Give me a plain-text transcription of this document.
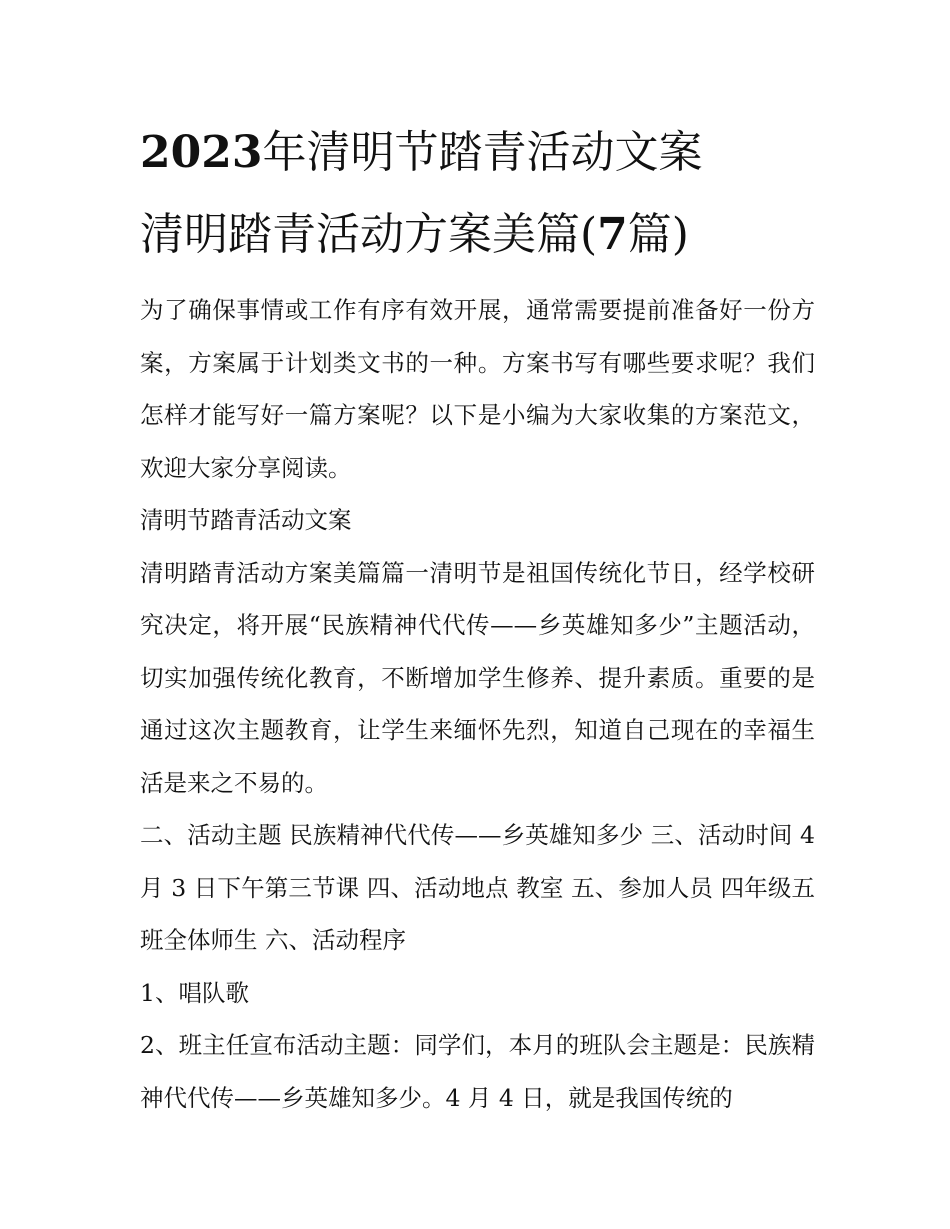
2023年清明节踏青活动文案
清明踏青活动方案美篇(7篇)

为了确保事情或工作有序有效开展，通常需要提前准备好一份方案，方案属于计划类文书的一种。方案书写有哪些要求呢？我们怎样才能写好一篇方案呢？以下是小编为大家收集的方案范文，欢迎大家分享阅读。

清明节踏青活动文案

清明踏青活动方案美篇篇一清明节是祖国传统化节日，经学校研究决定，将开展“民族精神代代传——乡英雄知多少”主题活动，切实加强传统化教育，不断增加学生修养、提升素质。重要的是通过这次主题教育，让学生来缅怀先烈，知道自己现在的幸福生活是来之不易的。

二、活动主题 民族精神代代传——乡英雄知多少 三、活动时间 4 月 3 日下午第三节课 四、活动地点 教室 五、参加人员 四年级五班全体师生 六、活动程序

1、唱队歌

2、班主任宣布活动主题：同学们，本月的班队会主题是：民族精神代代传——乡英雄知多少。4 月 4 日，就是我国传统的
